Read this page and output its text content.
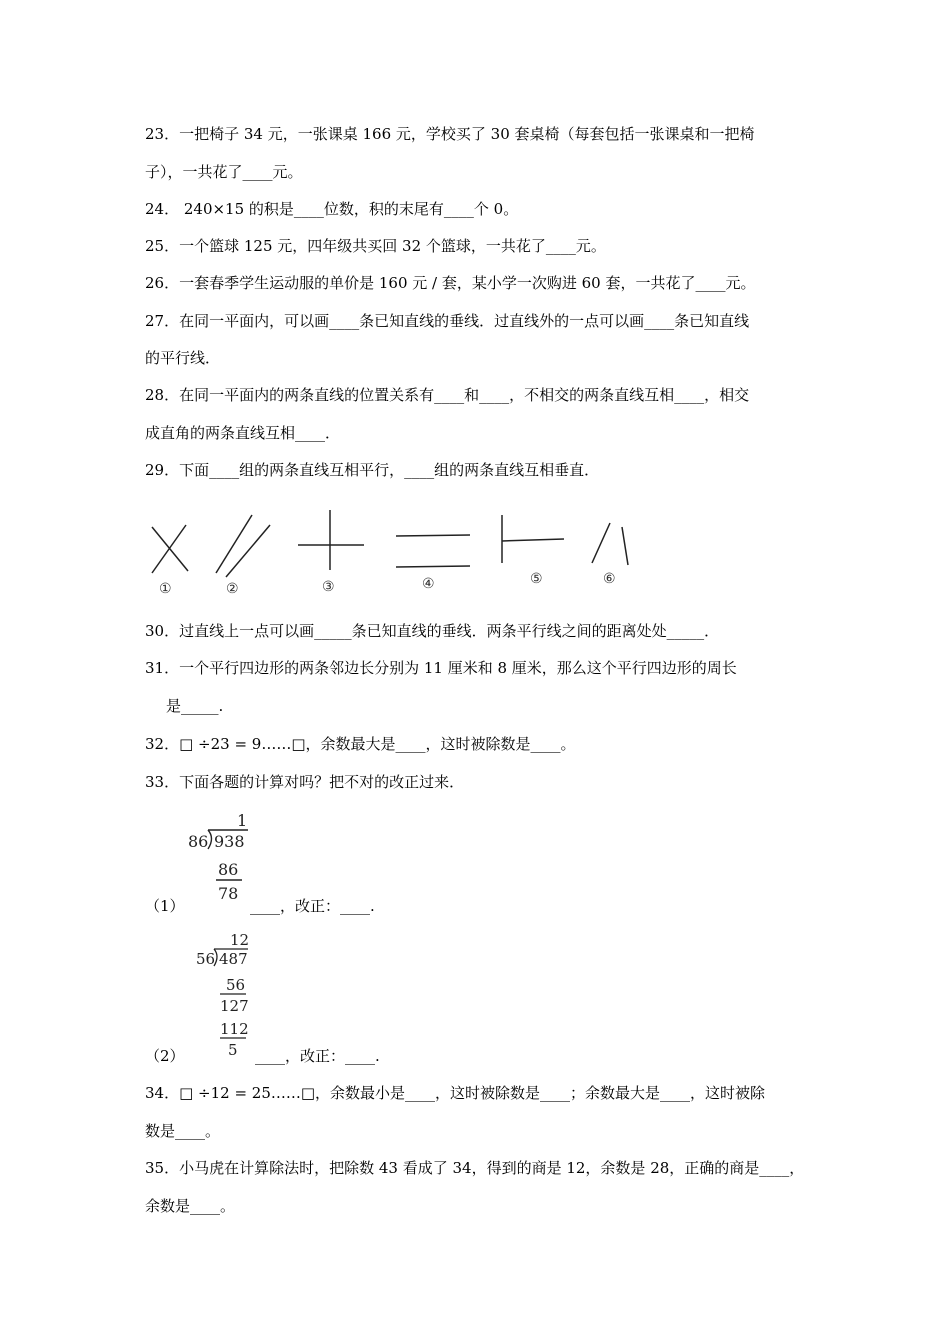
23．一把椅子 34 元，一张课桌 166 元，学校买了 30 套桌椅（每套包括一张课桌和一把椅
子），一共花了____元。
24． 240×15 的积是____位数，积的末尾有____个 0。
25．一个篮球 125 元，四年级共买回 32 个篮球，一共花了____元。
26．一套春季学生运动服的单价是 160 元 / 套，某小学一次购进 60 套，一共花了____元。
27．在同一平面内，可以画____条已知直线的垂线．过直线外的一点可以画____条已知直线
的平行线．
28．在同一平面内的两条直线的位置关系有____和____，不相交的两条直线互相____，相交
成直角的两条直线互相____．
29．下面____组的两条直线互相平行，____组的两条直线互相垂直．
①	②	③	④	⑤	⑥
30．过直线上一点可以画_____条已知直线的垂线．两条平行线之间的距离处处_____．
31．一个平行四边形的两条邻边长分别为 11 厘米和 8 厘米，那么这个平行四边形的周长
是_____.
32．□ ÷23 = 9……□，余数最大是____，这时被除数是____。
33．下面各题的计算对吗？把不对的改正过来．
1
86 938
86
78
（1）	____，改正：____.
12
56 487
56
127
112
5
（2）	____，改正：____.
34．□ ÷12 = 25……□，余数最小是____，这时被除数是____；余数最大是____，这时被除
数是____。
35．小马虎在计算除法时，把除数 43 看成了 34，得到的商是 12，余数是 28，正确的商是____，
余数是____。
